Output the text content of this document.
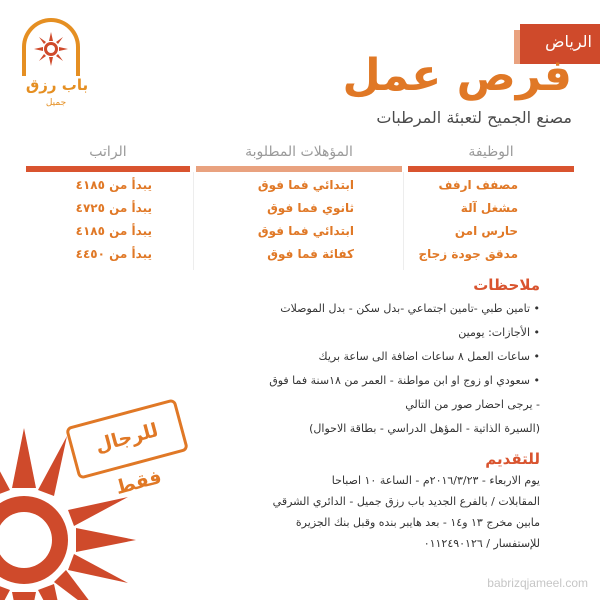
باب رزق
جميل
الرياض
فرص عمل
مصنع الجميح لتعبئة المرطبات
الوظيفة
المؤهلات المطلوبة
الراتب
مصفف ارفف
مشغل آلة
حارس امن
مدقق جودة زجاج
ابتدائي فما فوق
ثانوي فما فوق
ابتدائي فما فوق
كفائة فما فوق
يبدأ من ٤١٨٥
يبدأ من ٤٧٢٥
يبدأ من ٤١٨٥
يبدأ من ٤٤٥٠
ملاحظات
• تامين طبي -تامين اجتماعي -بدل سكن - بدل الموصلات
• الأجازات: يومين
• ساعات العمل ٨ ساعات اضافة الى ساعة بريك
• سعودي او زوج او ابن مواطنة - العمر من ١٨سنة فما فوق
- يرجى احضار صور من التالي
(السيرة الذاتية - المؤهل الدراسي - بطاقة الاحوال)
للرجال فقط
للتقديم
يوم الاربعاء - ٢٠١٦/٣/٢٣م - الساعة ١٠ اصباحا
المقابلات / بالفرع الجديد باب رزق جميل - الدائري الشرقي
مابين مخرج ١٣ و١٤ - بعد هايبر بنده وقبل بنك الجزيرة
للإستفسار / ٠١١٢٤٩٠١٢٦
babrizqjameel.com
